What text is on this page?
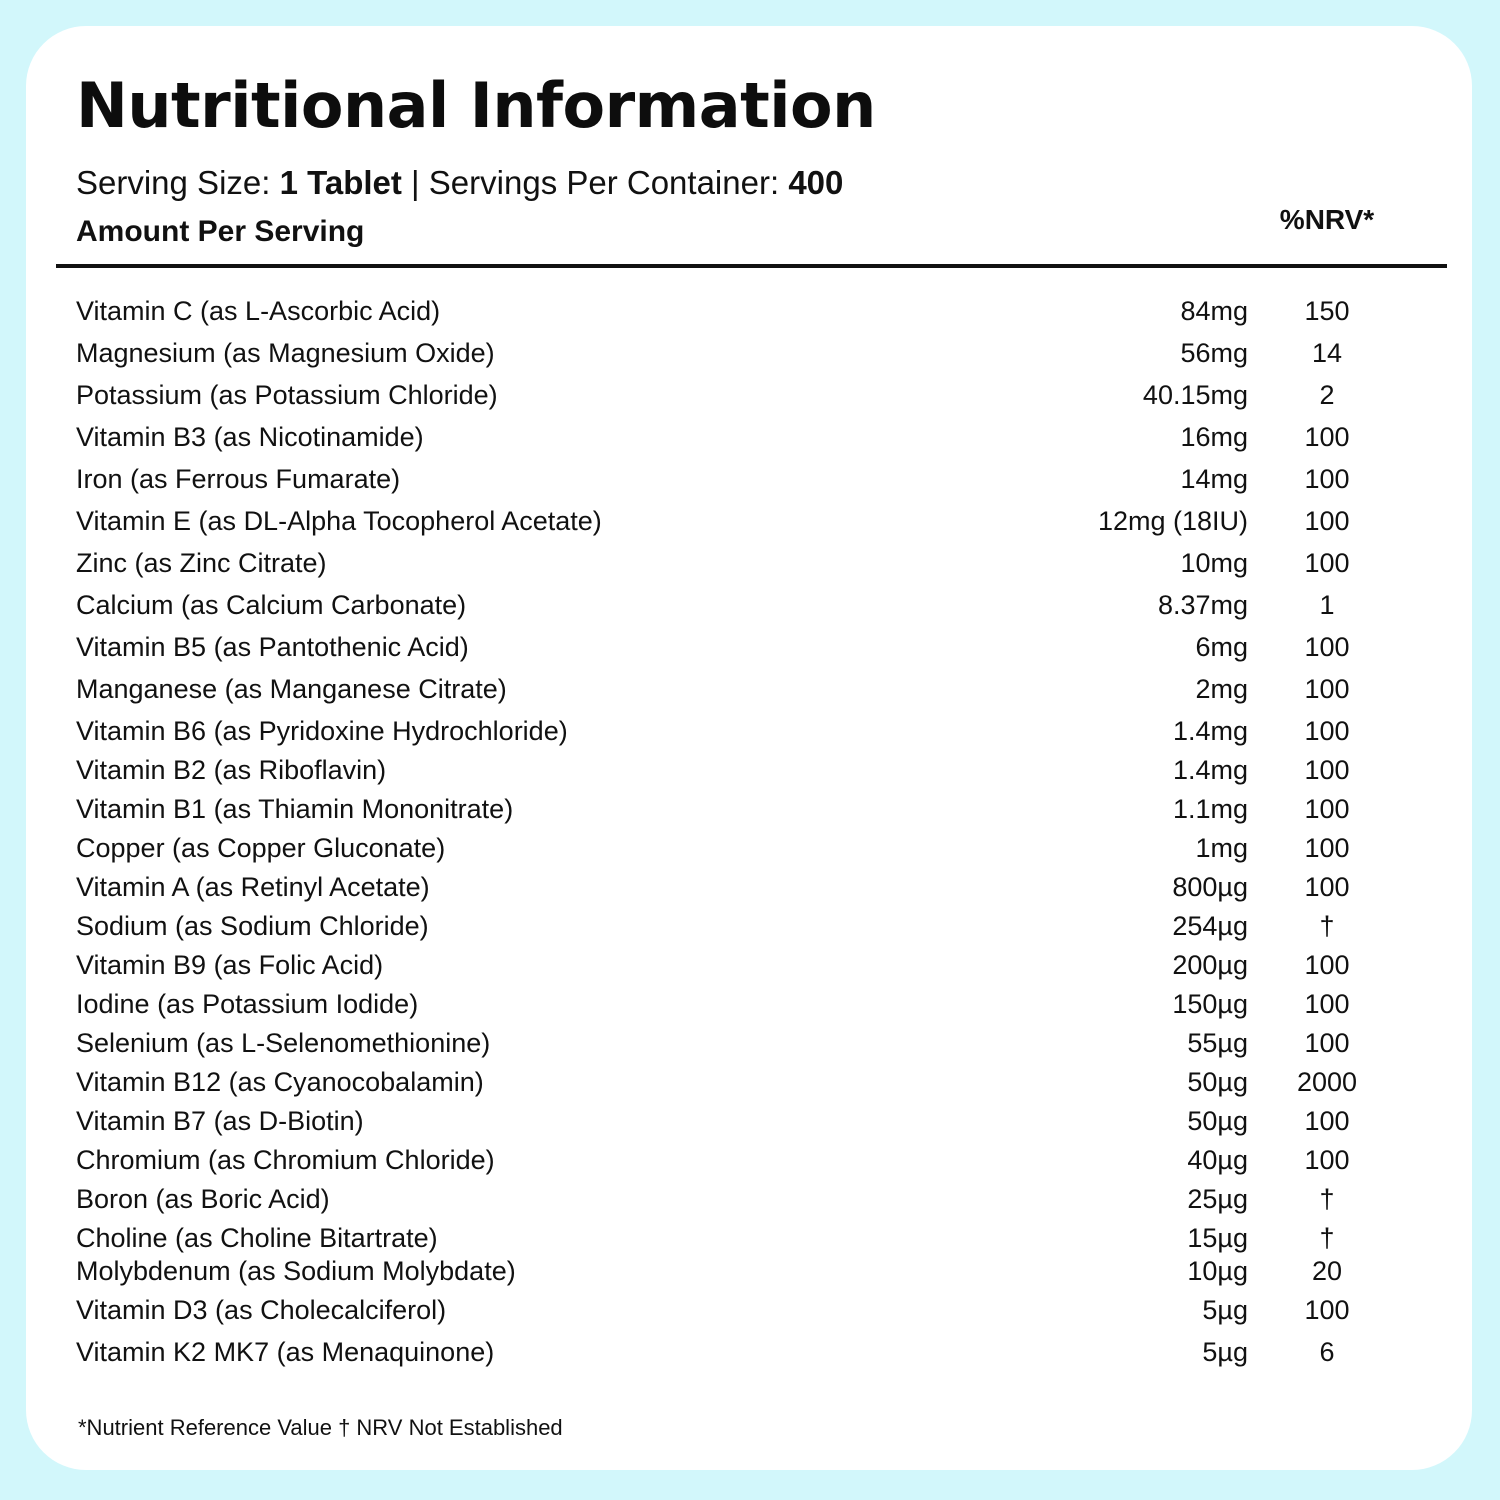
Nutritional Information
Serving Size: 1 Tablet | Servings Per Container: 400
Amount Per Serving	%NRV*
Vitamin C (as L-Ascorbic Acid)	84mg	150
Magnesium (as Magnesium Oxide)	56mg	14
Potassium (as Potassium Chloride)	40.15mg	2
Vitamin B3 (as Nicotinamide)	16mg	100
Iron (as Ferrous Fumarate)	14mg	100
Vitamin E (as DL-Alpha Tocopherol Acetate)	12mg (18IU)	100
Zinc (as Zinc Citrate)	10mg	100
Calcium (as Calcium Carbonate)	8.37mg	1
Vitamin B5 (as Pantothenic Acid)	6mg	100
Manganese (as Manganese Citrate)	2mg	100
Vitamin B6 (as Pyridoxine Hydrochloride)	1.4mg	100
Vitamin B2 (as Riboflavin)	1.4mg	100
Vitamin B1 (as Thiamin Mononitrate)	1.1mg	100
Copper (as Copper Gluconate)	1mg	100
Vitamin A (as Retinyl Acetate)	800µg	100
Sodium (as Sodium Chloride)	254µg	†
Vitamin B9 (as Folic Acid)	200µg	100
Iodine (as Potassium Iodide)	150µg	100
Selenium (as L-Selenomethionine)	55µg	100
Vitamin B12 (as Cyanocobalamin)	50µg	2000
Vitamin B7 (as D-Biotin)	50µg	100
Chromium (as Chromium Chloride)	40µg	100
Boron (as Boric Acid)	25µg	†
Choline (as Choline Bitartrate)	15µg	†
Molybdenum (as Sodium Molybdate)	10µg	20
Vitamin D3 (as Cholecalciferol)	5µg	100
Vitamin K2 MK7 (as Menaquinone)	5µg	6
*Nutrient Reference Value † NRV Not Established
